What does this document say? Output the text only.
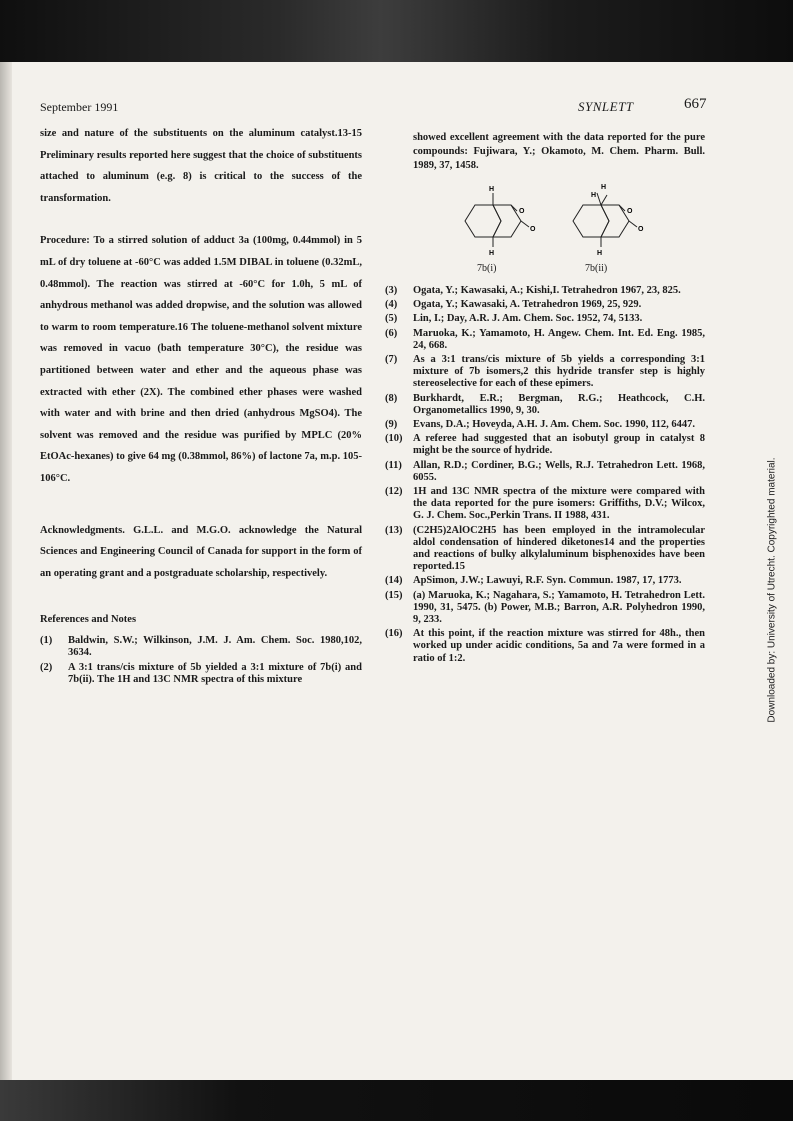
September 1991	SYNLETT	667
size and nature of the substituents on the aluminum catalyst.13-15 Preliminary results reported here suggest that the choice of substituents attached to aluminum (e.g. 8) is critical to the success of the transformation.
Procedure: To a stirred solution of adduct 3a (100mg, 0.44mmol) in 5 mL of dry toluene at -60°C was added 1.5M DIBAL in toluene (0.32mL, 0.48mmol). The reaction was stirred at -60°C for 1.0h, 5 mL of anhydrous methanol was added dropwise, and the solution was allowed to warm to room temperature.16 The toluene-methanol solvent mixture was removed in vacuo (bath temperature 30°C), the residue was partitioned between water and ether and the aqueous phase was extracted with ether (2X). The combined ether phases were washed with water and with brine and then dried (anhydrous MgSO4). The solvent was removed and the residue was purified by MPLC (20% EtOAc-hexanes) to give 64 mg (0.38mmol, 86%) of lactone 7a, m.p. 105-106°C.
Acknowledgments. G.L.L. and M.G.O. acknowledge the Natural Sciences and Engineering Council of Canada for support in the form of an operating grant and a postgraduate scholarship, respectively.
References and Notes
(1)	Baldwin, S.W.; Wilkinson, J.M. J. Am. Chem. Soc. 1980,102, 3634.
(2)	A 3:1 trans/cis mixture of 5b yielded a 3:1 mixture of 7b(i) and 7b(ii). The 1H and 13C NMR spectra of this mixture
showed excellent agreement with the data reported for the pure compounds: Fujiwara, Y.; Okamoto, M. Chem. Pharm. Bull. 1989, 37, 1458.
H
H
O
O
7b(i)
H
H
H
O
O
7b(ii)
(3)	Ogata, Y.; Kawasaki, A.; Kishi,I. Tetrahedron 1967, 23, 825.
(4)	Ogata, Y.; Kawasaki, A. Tetrahedron 1969, 25, 929.
(5)	Lin, I.; Day, A.R. J. Am. Chem. Soc. 1952, 74, 5133.
(6)	Maruoka, K.; Yamamoto, H. Angew. Chem. Int. Ed. Eng. 1985, 24, 668.
(7)	As a 3:1 trans/cis mixture of 5b yields a corresponding 3:1 mixture of 7b isomers,2 this hydride transfer step is highly stereoselective for each of these epimers.
(8)	Burkhardt, E.R.; Bergman, R.G.; Heathcock, C.H. Organometallics 1990, 9, 30.
(9)	Evans, D.A.; Hoveyda, A.H. J. Am. Chem. Soc. 1990, 112, 6447.
(10)	A referee had suggested that an isobutyl group in catalyst 8 might be the source of hydride.
(11)	Allan, R.D.; Cordiner, B.G.; Wells, R.J. Tetrahedron Lett. 1968, 6055.
(12)	1H and 13C NMR spectra of the mixture were compared with the data reported for the pure isomers: Griffiths, D.V.; Wilcox, G. J. Chem. Soc.,Perkin Trans. II 1988, 431.
(13)	(C2H5)2AlOC2H5 has been employed in the intramolecular aldol condensation of hindered diketones14 and the properties and reactions of bulky alkylaluminum bisphenoxides have been reported.15
(14)	ApSimon, J.W.; Lawuyi, R.F. Syn. Commun. 1987, 17, 1773.
(15)	(a) Maruoka, K.; Nagahara, S.; Yamamoto, H. Tetrahedron Lett. 1990, 31, 5475. (b) Power, M.B.; Barron, A.R. Polyhedron 1990, 9, 233.
(16)	At this point, if the reaction mixture was stirred for 48h., then worked up under acidic conditions, 5a and 7a were formed in a ratio of 1:2.	Downloaded by: University of Utrecht. Copyrighted material.
